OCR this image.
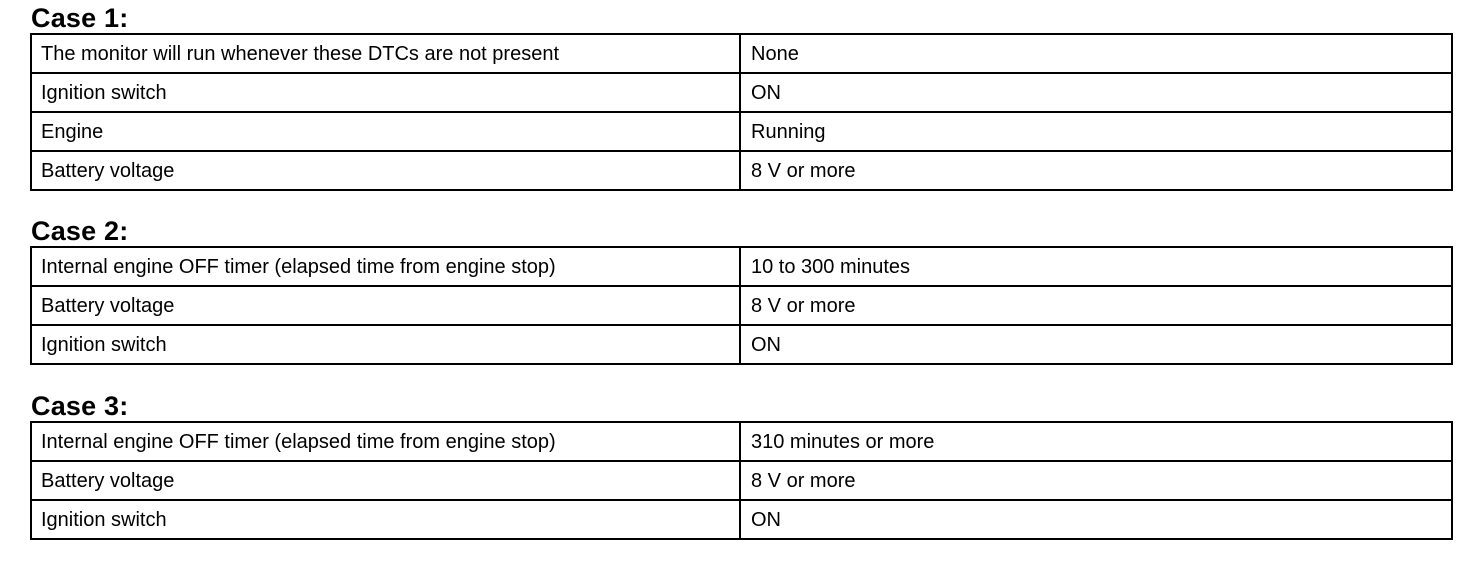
Case 1:
The monitor will run whenever these DTCs are not present	None
Ignition switch	ON
Engine	Running
Battery voltage	8 V or more
Case 2:
Internal engine OFF timer (elapsed time from engine stop)	10 to 300 minutes
Battery voltage	8 V or more
Ignition switch	ON
Case 3:
Internal engine OFF timer (elapsed time from engine stop)	310 minutes or more
Battery voltage	8 V or more
Ignition switch	ON
